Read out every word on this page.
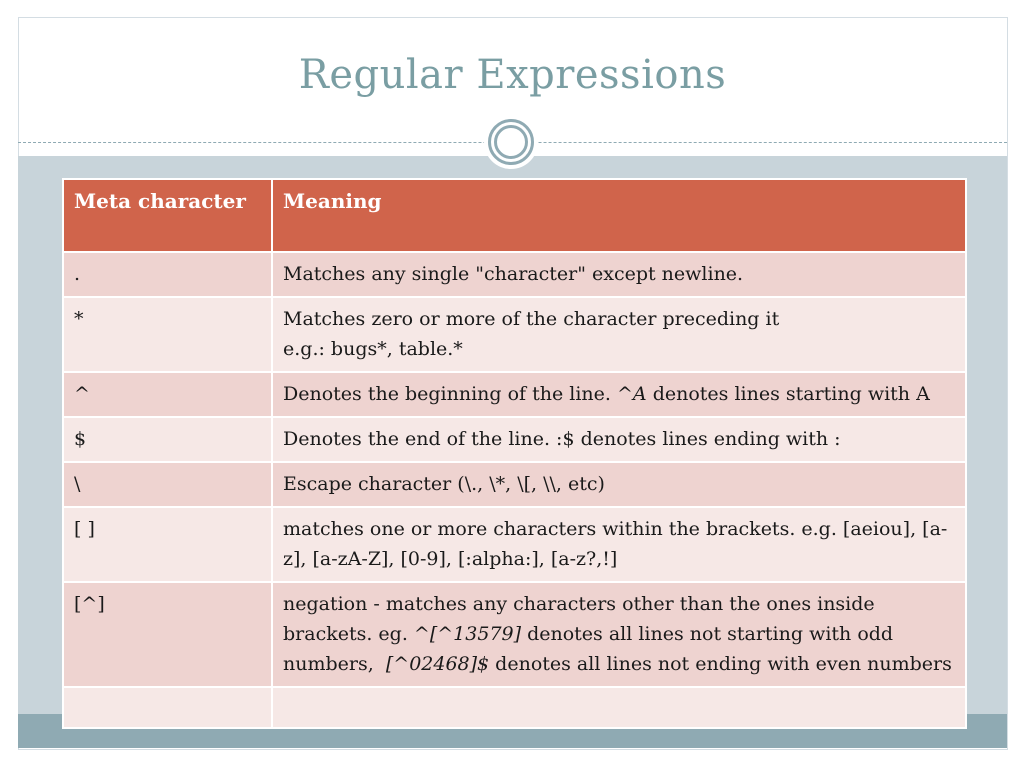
Regular Expressions
Meta character	Meaning
.	Matches any single "character" except newline.
*	Matches zero or more of the character preceding it
e.g.: bugs*, table.*
^	Denotes the beginning of the line. ^A denotes lines starting with A
$	Denotes the end of the line. :$ denotes lines ending with :
\	Escape character (\., \*, \[, \\, etc)
[ ]	matches one or more characters within the brackets. e.g. [aeiou], [a-z], [a-zA-Z], [0-9], [:alpha:], [a-z?,!]
[^]	negation - matches any characters other than the ones inside brackets. eg. ^[^13579] denotes all lines not starting with odd numbers,  [^02468]$ denotes all lines not ending with even numbers
